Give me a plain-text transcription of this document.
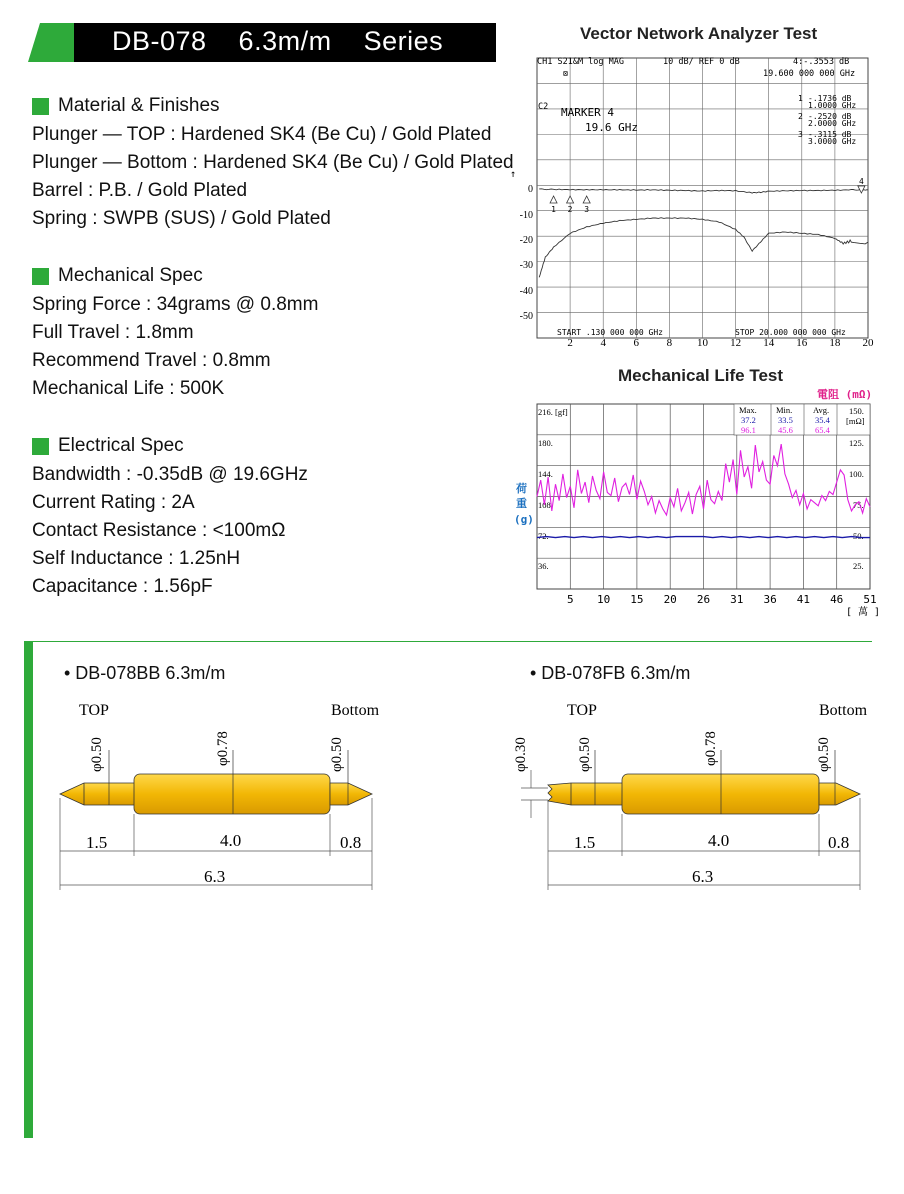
DB-078    6.3m/m    Series
Material & Finishes
Plunger — TOP : Hardened SK4 (Be Cu) / Gold Plated
Plunger — Bottom : Hardened SK4 (Be Cu) / Gold Plated
Barrel : P.B. / Gold Plated
Spring : SWPB (SUS) / Gold Plated
Mechanical Spec
Spring Force : 34grams @ 0.8mm
Full Travel : 1.8mm
Recommend Travel : 0.8mm
Mechanical Life : 500K
Electrical Spec
Bandwidth : -0.35dB @ 19.6GHz
Current Rating : 2A
Contact Resistance : <100mΩ
Self Inductance : 1.25nH
Capacitance : 1.56pF
Vector Network Analyzer Test
CH1 S21&M log MAG	10 dB/ REF 0 dB	4:-.3553 dB
⊠	19.600 000 000 GHz
C2 MARKER 4
19.6 GHz
1 -.1736 dB
1.0000 GHz
2 -.2520 dB
2.0000 GHz
3 -.3115 dB
3.0000 GHz
↑
0
-10
-20
-30
-40
-50
START .130 000 000 GHz	STOP 20.000 000 000 GHz
2	4	6	8 10 12 14 16 18 20
1 2 3
4
Mechanical Life Test
電阻 (mΩ)
Max. Min. Avg.
37.2	33.5	35.4
96.1	45.6	65.4
216. [gf]
180.
144.
108.
72.
36.
150.
[mΩ]
125.
100.
75.
50.
25.
荷
重
(g)
5 10 15 20 26 31 36 41 46 51
[ 萬 ]
• DB-078BB 6.3m/m	• DB-078FB 6.3m/m
TOP	Bottom
φ0.50	φ0.78	φ0.50
1.5	4.0	0.8
6.3
TOP	Bottom
φ0.30	φ0.50	φ0.78	φ0.50
1.5	4.0	0.8
6.3
